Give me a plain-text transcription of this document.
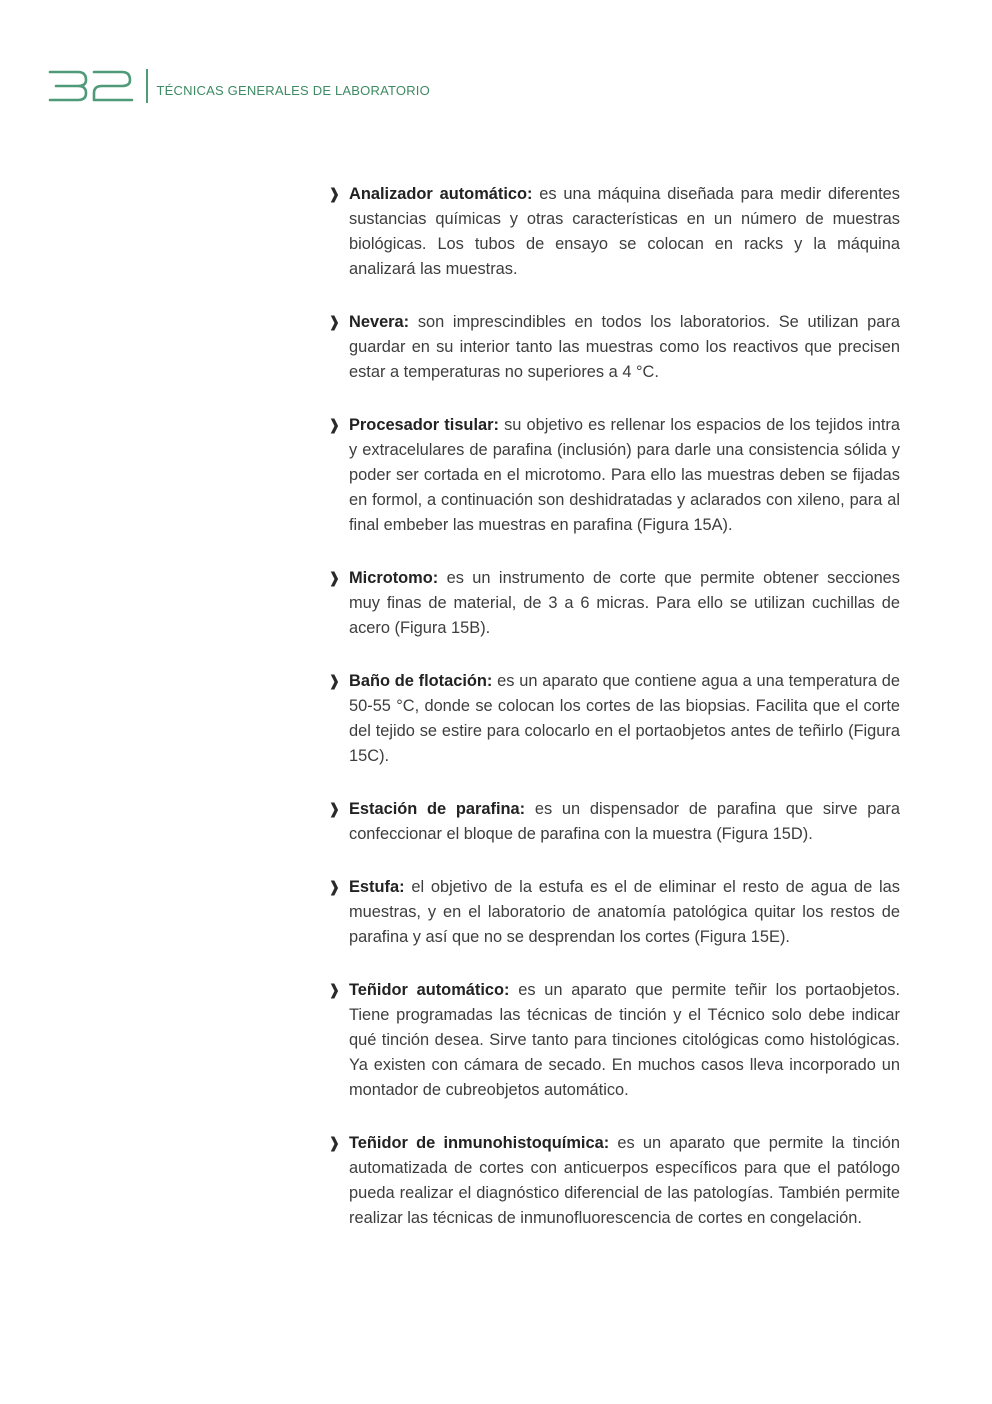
TÉCNICAS GENERALES DE LABORATORIO
❱ Analizador automático: es una máquina diseñada para medir diferentes sustancias químicas y otras características en un número de muestras biológicas. Los tubos de ensayo se colocan en racks y la máquina analizará las muestras.
❱ Nevera: son imprescindibles en todos los laboratorios. Se utilizan para guardar en su interior tanto las muestras como los reactivos que precisen estar a temperaturas no superiores a 4 °C.
❱ Procesador tisular: su objetivo es rellenar los espacios de los tejidos intra y extracelulares de parafina (inclusión) para darle una consistencia sólida y poder ser cortada en el microtomo. Para ello las muestras deben se fijadas en formol, a continuación son deshidratadas y aclarados con xileno, para al final embeber las muestras en parafina (Figura 15A).
❱ Microtomo: es un instrumento de corte que permite obtener secciones muy finas de material, de 3 a 6 micras. Para ello se utilizan cuchillas de acero (Figura 15B).
❱ Baño de flotación: es un aparato que contiene agua a una temperatura de 50-55 °C, donde se colocan los cortes de las biopsias. Facilita que el corte del tejido se estire para colocarlo en el portaobjetos antes de teñirlo (Figura 15C).
❱ Estación de parafina: es un dispensador de parafina que sirve para confeccionar el bloque de parafina con la muestra (Figura 15D).
❱ Estufa: el objetivo de la estufa es el de eliminar el resto de agua de las muestras, y en el laboratorio de anatomía patológica quitar los restos de parafina y así que no se desprendan los cortes (Figura 15E).
❱ Teñidor automático: es un aparato que permite teñir los portaobjetos. Tiene programadas las técnicas de tinción y el Técnico solo debe indicar qué tinción desea. Sirve tanto para tinciones citológicas como histológicas. Ya existen con cámara de secado. En muchos casos lleva incorporado un montador de cubreobjetos automático.
❱ Teñidor de inmunohistoquímica: es un aparato que permite la tinción automatizada de cortes con anticuerpos específicos para que el patólogo pueda realizar el diagnóstico diferencial de las patologías. También permite realizar las técnicas de inmunofluorescencia de cortes en congelación.
